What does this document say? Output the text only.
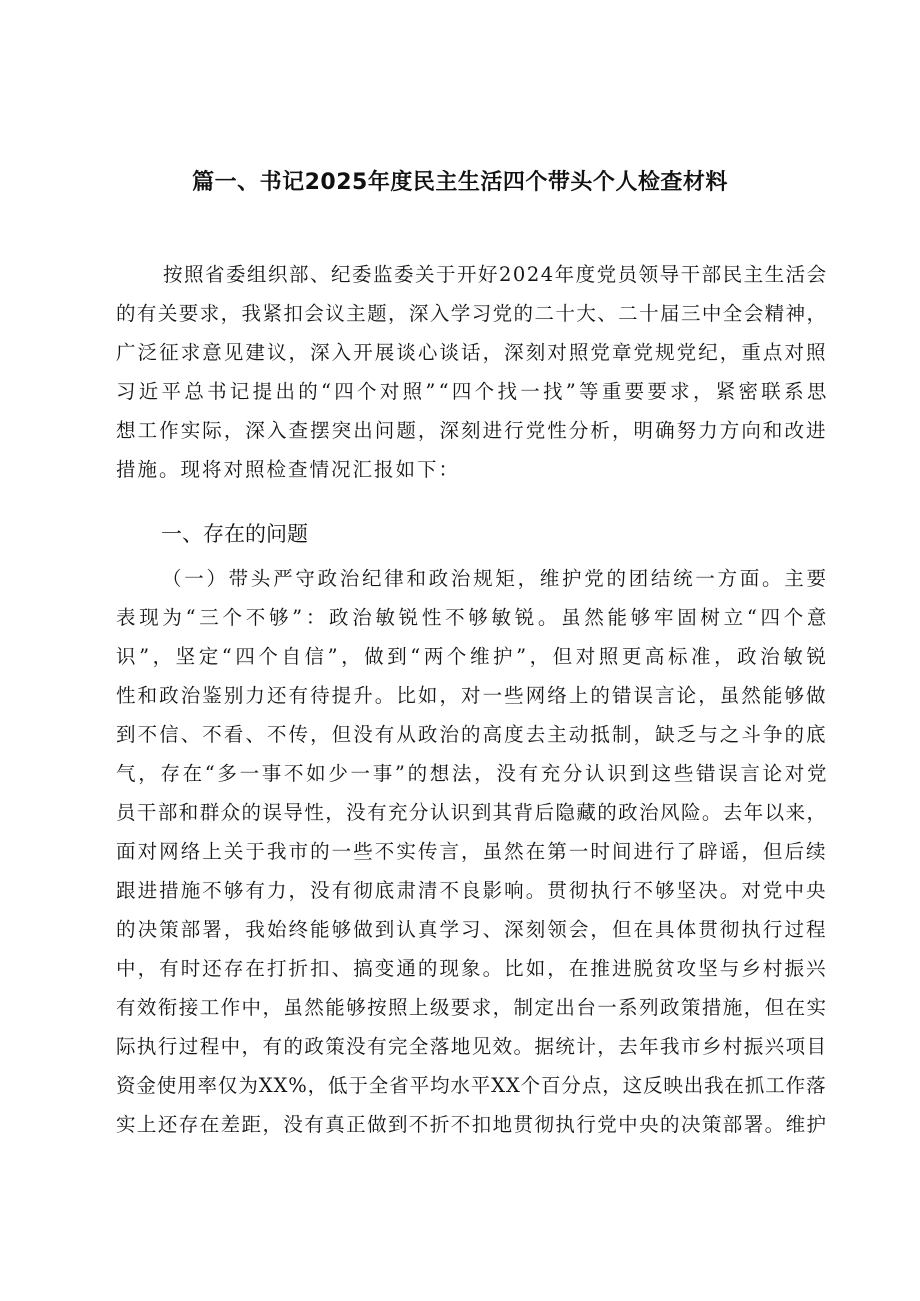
篇一、书记2025年度民主生活四个带头个人检查材料
按照省委组织部、纪委监委关于开好2024年度党员领导干部民主生活会
的有关要求，我紧扣会议主题，深入学习党的二十大、二十届三中全会精神，
广泛征求意见建议，深入开展谈心谈话，深刻对照党章党规党纪，重点对照
习近平总书记提出的“四个对照”“四个找一找”等重要要求，紧密联系思
想工作实际，深入查摆突出问题，深刻进行党性分析，明确努力方向和改进
措施。现将对照检查情况汇报如下：
一、存在的问题
（一）带头严守政治纪律和政治规矩，维护党的团结统一方面。主要
表现为“三个不够”：政治敏锐性不够敏锐。虽然能够牢固树立“四个意
识”，坚定“四个自信”，做到“两个维护”，但对照更高标准，政治敏锐
性和政治鉴别力还有待提升。比如，对一些网络上的错误言论，虽然能够做
到不信、不看、不传，但没有从政治的高度去主动抵制，缺乏与之斗争的底
气，存在“多一事不如少一事”的想法，没有充分认识到这些错误言论对党
员干部和群众的误导性，没有充分认识到其背后隐藏的政治风险。去年以来，
面对网络上关于我市的一些不实传言，虽然在第一时间进行了辟谣，但后续
跟进措施不够有力，没有彻底肃清不良影响。贯彻执行不够坚决。对党中央
的决策部署，我始终能够做到认真学习、深刻领会，但在具体贯彻执行过程
中，有时还存在打折扣、搞变通的现象。比如，在推进脱贫攻坚与乡村振兴
有效衔接工作中，虽然能够按照上级要求，制定出台一系列政策措施，但在实
际执行过程中，有的政策没有完全落地见效。据统计，去年我市乡村振兴项目
资金使用率仅为XX%，低于全省平均水平XX个百分点，这反映出我在抓工作落
实上还存在差距，没有真正做到不折不扣地贯彻执行党中央的决策部署。维护
